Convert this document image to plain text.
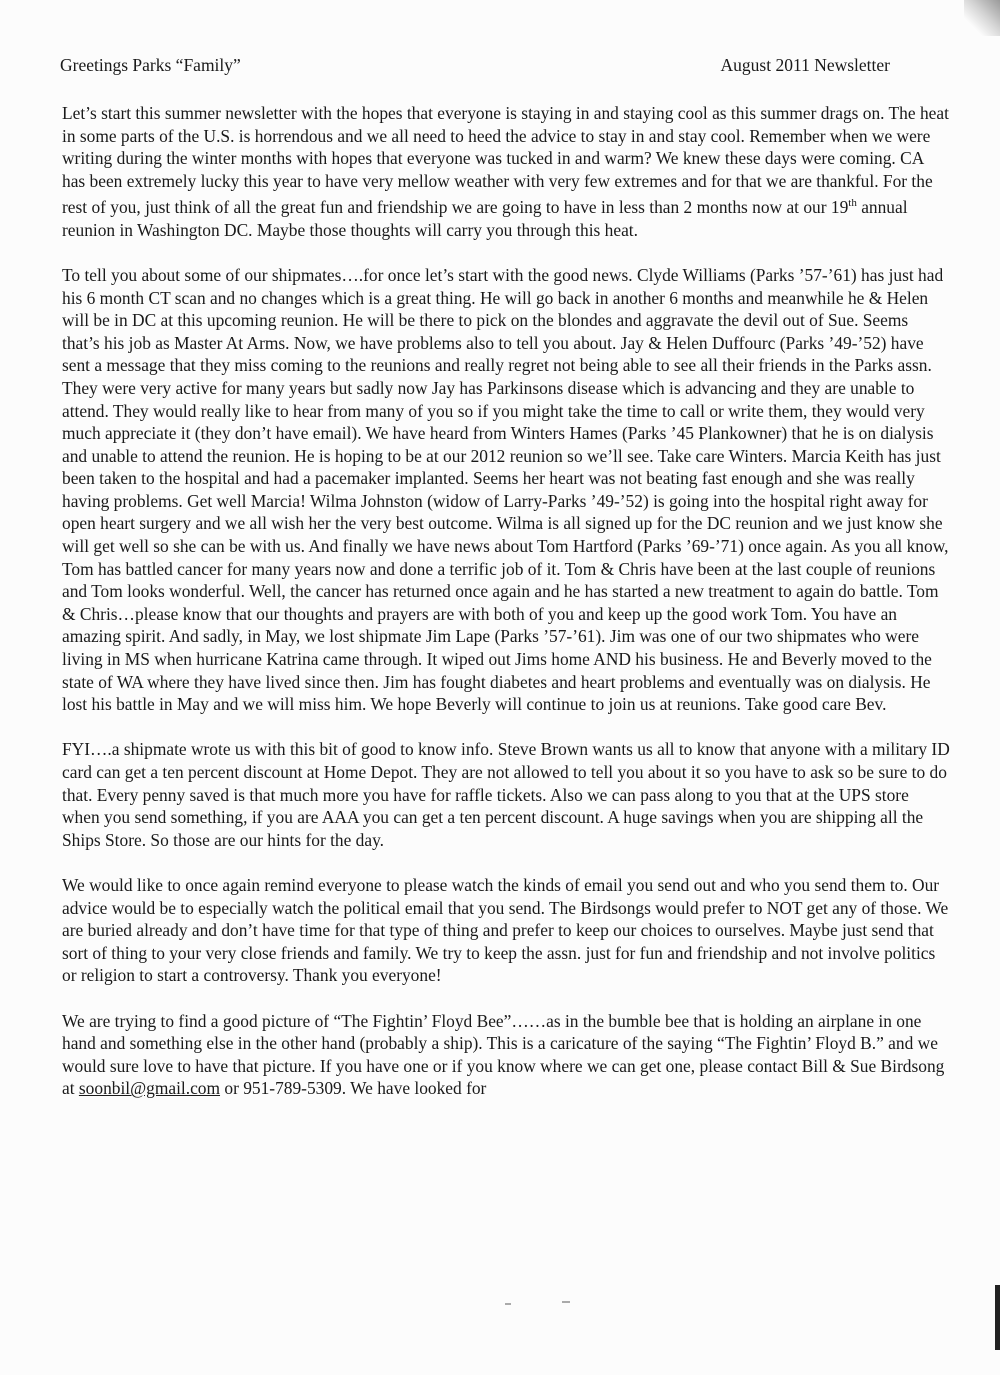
Greetings Parks “Family”	August 2011 Newsletter

Let’s start this summer newsletter with the hopes that everyone is staying in and staying cool as this summer drags on. The heat in some parts of the U.S. is horrendous and we all need to heed the advice to stay in and stay cool. Remember when we were writing during the winter months with hopes that everyone was tucked in and warm? We knew these days were coming. CA has been extremely lucky this year to have very mellow weather with very few extremes and for that we are thankful. For the rest of you, just think of all the great fun and friendship we are going to have in less than 2 months now at our 19th annual reunion in Washington DC. Maybe those thoughts will carry you through this heat.

To tell you about some of our shipmates….for once let’s start with the good news. Clyde Williams (Parks ’57-’61) has just had his 6 month CT scan and no changes which is a great thing. He will go back in another 6 months and meanwhile he & Helen will be in DC at this upcoming reunion. He will be there to pick on the blondes and aggravate the devil out of Sue. Seems that’s his job as Master At Arms. Now, we have problems also to tell you about. Jay & Helen Duffourc (Parks ’49-’52) have sent a message that they miss coming to the reunions and really regret not being able to see all their friends in the Parks assn. They were very active for many years but sadly now Jay has Parkinsons disease which is advancing and they are unable to attend. They would really like to hear from many of you so if you might take the time to call or write them, they would very much appreciate it (they don’t have email). We have heard from Winters Hames (Parks ’45 Plankowner) that he is on dialysis and unable to attend the reunion. He is hoping to be at our 2012 reunion so we’ll see. Take care Winters. Marcia Keith has just been taken to the hospital and had a pacemaker implanted. Seems her heart was not beating fast enough and she was really having problems. Get well Marcia! Wilma Johnston (widow of Larry-Parks ’49-’52) is going into the hospital right away for open heart surgery and we all wish her the very best outcome. Wilma is all signed up for the DC reunion and we just know she will get well so she can be with us. And finally we have news about Tom Hartford (Parks ’69-’71) once again. As you all know, Tom has battled cancer for many years now and done a terrific job of it. Tom & Chris have been at the last couple of reunions and Tom looks wonderful. Well, the cancer has returned once again and he has started a new treatment to again do battle. Tom & Chris…please know that our thoughts and prayers are with both of you and keep up the good work Tom. You have an amazing spirit. And sadly, in May, we lost shipmate Jim Lape (Parks ’57-’61). Jim was one of our two shipmates who were living in MS when hurricane Katrina came through. It wiped out Jims home AND his business. He and Beverly moved to the state of WA where they have lived since then. Jim has fought diabetes and heart problems and eventually was on dialysis. He lost his battle in May and we will miss him. We hope Beverly will continue to join us at reunions. Take good care Bev.

FYI….a shipmate wrote us with this bit of good to know info. Steve Brown wants us all to know that anyone with a military ID card can get a ten percent discount at Home Depot. They are not allowed to tell you about it so you have to ask so be sure to do that. Every penny saved is that much more you have for raffle tickets. Also we can pass along to you that at the UPS store when you send something, if you are AAA you can get a ten percent discount. A huge savings when you are shipping all the Ships Store. So those are our hints for the day.

We would like to once again remind everyone to please watch the kinds of email you send out and who you send them to. Our advice would be to especially watch the political email that you send. The Birdsongs would prefer to NOT get any of those. We are buried already and don’t have time for that type of thing and prefer to keep our choices to ourselves. Maybe just send that sort of thing to your very close friends and family. We try to keep the assn. just for fun and friendship and not involve politics or religion to start a controversy. Thank you everyone!

We are trying to find a good picture of “The Fightin’ Floyd Bee”……as in the bumble bee that is holding an airplane in one hand and something else in the other hand (probably a ship). This is a caricature of the saying “The Fightin’ Floyd B.” and we would sure love to have that picture. If you have one or if you know where we can get one, please contact Bill & Sue Birdsong at soonbil@gmail.com or 951-789-5309. We have looked for
